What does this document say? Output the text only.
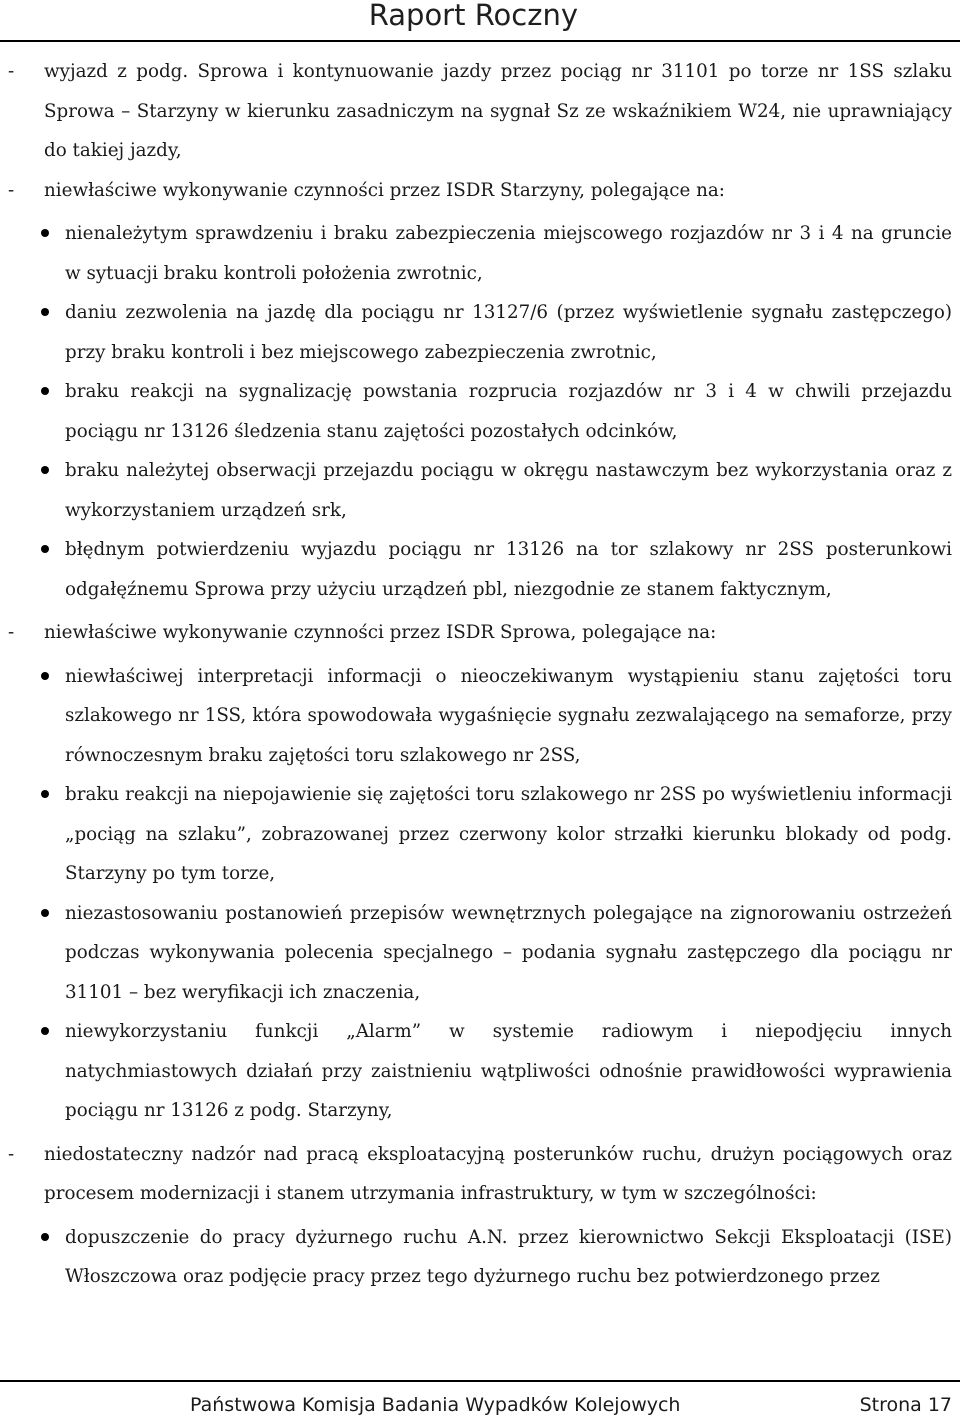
Raport Roczny
- wyjazd z podg. Sprowa i kontynuowanie jazdy przez pociąg nr 31101 po torze nr 1SS szlaku Sprowa – Starzyny w kierunku zasadniczym na sygnał Sz ze wskaźnikiem W24, nie uprawniający do takiej jazdy,
- niewłaściwe wykonywanie czynności przez ISDR Starzyny, polegające na:
nienależytym sprawdzeniu i braku zabezpieczenia miejscowego rozjazdów nr 3 i 4 na gruncie w sytuacji braku kontroli położenia zwrotnic,
daniu zezwolenia na jazdę dla pociągu nr 13127/6 (przez wyświetlenie sygnału zastępczego) przy braku kontroli i bez miejscowego zabezpieczenia zwrotnic,
braku reakcji na sygnalizację powstania rozprucia rozjazdów nr 3 i 4 w chwili przejazdu pociągu nr 13126 śledzenia stanu zajętości pozostałych odcinków,
braku należytej obserwacji przejazdu pociągu w okręgu nastawczym bez wykorzystania oraz z wykorzystaniem urządzeń srk,
błędnym potwierdzeniu wyjazdu pociągu nr 13126 na tor szlakowy nr 2SS posterunkowi odgałęźnemu Sprowa przy użyciu urządzeń pbl, niezgodnie ze stanem faktycznym,
- niewłaściwe wykonywanie czynności przez ISDR Sprowa, polegające na:
niewłaściwej interpretacji informacji o nieoczekiwanym wystąpieniu stanu zajętości toru szlakowego nr 1SS, która spowodowała wygaśnięcie sygnału zezwalającego na semaforze, przy równoczesnym braku zajętości toru szlakowego nr 2SS,
braku reakcji na niepojawienie się zajętości toru szlakowego nr 2SS po wyświetleniu informacji „pociąg na szlaku”, zobrazowanej przez czerwony kolor strzałki kierunku blokady od podg. Starzyny po tym torze,
niezastosowaniu postanowień przepisów wewnętrznych polegające na zignorowaniu ostrzeżeń podczas wykonywania polecenia specjalnego – podania sygnału zastępczego dla pociągu nr 31101 – bez weryfikacji ich znaczenia,
niewykorzystaniu funkcji „Alarm” w systemie radiowym i niepodjęciu innych natychmiastowych działań przy zaistnieniu wątpliwości odnośnie prawidłowości wyprawienia pociągu nr 13126 z podg. Starzyny,
- niedostateczny nadzór nad pracą eksploatacyjną posterunków ruchu, drużyn pociągowych oraz procesem modernizacji i stanem utrzymania infrastruktury, w tym w szczególności:
dopuszczenie do pracy dyżurnego ruchu A.N. przez kierownictwo Sekcji Eksploatacji (ISE) Włoszczowa oraz podjęcie pracy przez tego dyżurnego ruchu bez potwierdzonego przez
Państwowa Komisja Badania Wypadków Kolejowych	Strona 17
